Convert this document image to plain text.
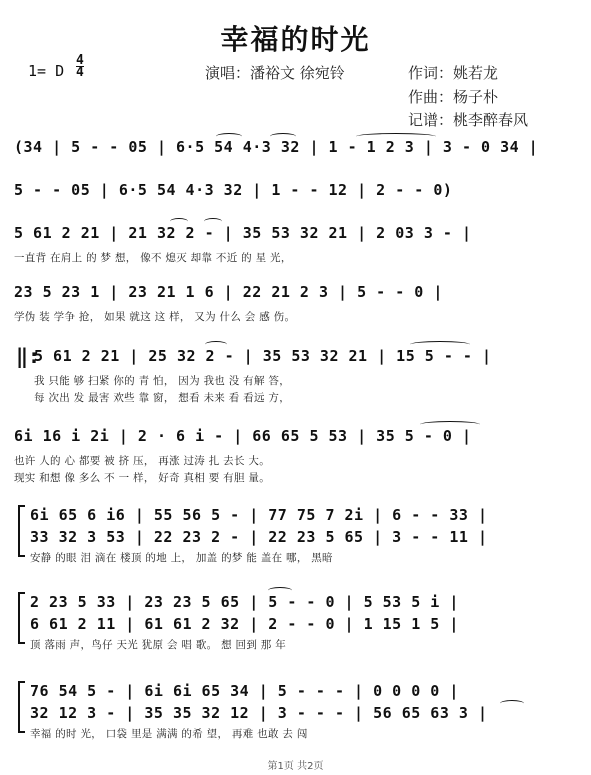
幸福的时光
1= D
4
4	演唱：潘裕文 徐宛铃	作词：姚若龙
作曲：杨子朴
记谱：桃李醉春风
(34 | 5 - - 05 | 6·5 54 4·3 32 | 1 - 1 2 3 | 3 - 0 34 |
5 - - 05 | 6·5 54 4·3 32 | 1 - - 12 | 2 - - 0)
5 61 2 21 | 21 32 2 - | 35 53 32 21 | 2 03 3 - |
一直背 在肩上 的 梦 想， 像不 熄灭 却靠 不近 的 星 光，
23 5 23 1 | 23 21 1 6 | 22 21 2 3 | 5 - - 0 |
学伪 装 学争 抢， 如果 就这 这 样， 又为 什么 会 感 伤。
‖:
5 61 2 21 | 25 32 2 - | 35 53 32 21 | 15 5 - - |
我 只能 够 扫紧 你的 青 怕， 因为 我也 没 有解 答，
每 次出 发 最害 欢些 靠 窗， 想看 未来 看 看远 方，
6i 16 i 2i | 2 · 6 i - | 66 65 5 53 | 35 5 - 0 |
也许 人的 心 都要 被 挤 压， 再涨 过涛 扎 去长 大。
现实 和想 像 多么 不 一 样， 好奇 真相 要 有胆 量。
6i 65 6 i6 | 55 56 5 - | 77 75 7 2i | 6 - - 33 |
33 32 3 53 | 22 23 2 - | 22 23 5 65 | 3 - - 11 |
安静 的眼 泪 滴在 楼顶 的地 上， 加盖 的梦 能 盖在 哪， 黑暗
2 23 5 33 | 23 23 5 65 | 5 - - 0 | 5 53 5 i |
6 61 2 11 | 61 61 2 32 | 2 - - 0 | 1 15 1 5 |
顶 落雨 声，鸟仔 天光 犹原 会 唱 歌。 想 回到 那 年
76 54 5 - | 6i 6i 65 34 | 5 - - - | 0 0 0 0 |
32 12 3 - | 35 35 32 12 | 3 - - - | 56 65 63 3 |
幸福 的时 光， 口袋 里是 满满 的希 望， 再难 也敢 去 闯
第1页 共2页
